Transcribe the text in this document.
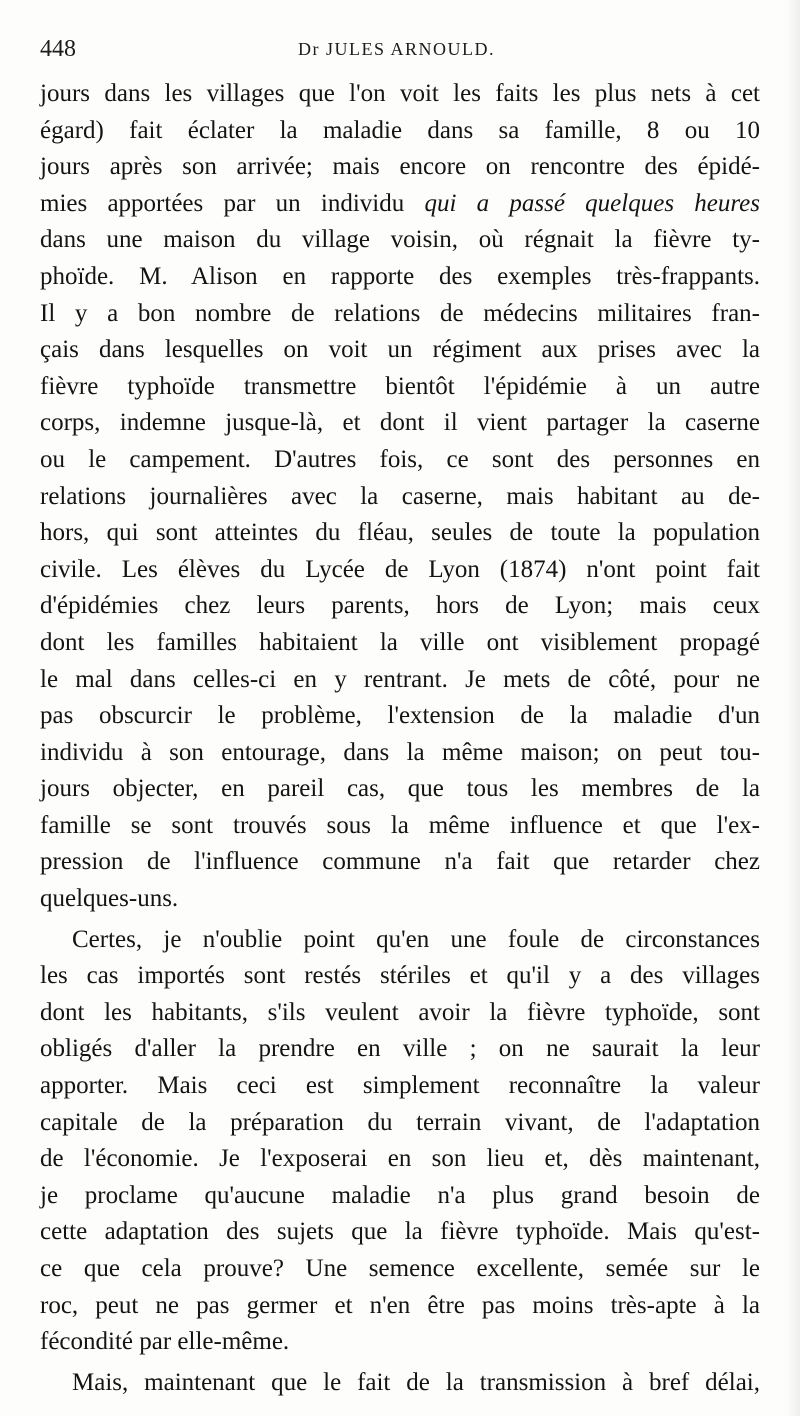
448	Dr JULES ARNOULD.
jours dans les villages que l'on voit les faits les plus nets à cet
égard) fait éclater la maladie dans sa famille, 8 ou 10
jours après son arrivée; mais encore on rencontre des épidé-
mies apportées par un individu qui a passé quelques heures
dans une maison du village voisin, où régnait la fièvre ty-
phoïde. M. Alison en rapporte des exemples très-frappants.
Il y a bon nombre de relations de médecins militaires fran-
çais dans lesquelles on voit un régiment aux prises avec la
fièvre typhoïde transmettre bientôt l'épidémie à un autre
corps, indemne jusque-là, et dont il vient partager la caserne
ou le campement. D'autres fois, ce sont des personnes en
relations journalières avec la caserne, mais habitant au de-
hors, qui sont atteintes du fléau, seules de toute la population
civile. Les élèves du Lycée de Lyon (1874) n'ont point fait
d'épidémies chez leurs parents, hors de Lyon; mais ceux
dont les familles habitaient la ville ont visiblement propagé
le mal dans celles-ci en y rentrant. Je mets de côté, pour ne
pas obscurcir le problème, l'extension de la maladie d'un
individu à son entourage, dans la même maison; on peut tou-
jours objecter, en pareil cas, que tous les membres de la
famille se sont trouvés sous la même influence et que l'ex-
pression de l'influence commune n'a fait que retarder chez
quelques-uns.
Certes, je n'oublie point qu'en une foule de circonstances
les cas importés sont restés stériles et qu'il y a des villages
dont les habitants, s'ils veulent avoir la fièvre typhoïde, sont
obligés d'aller la prendre en ville ; on ne saurait la leur
apporter. Mais ceci est simplement reconnaître la valeur
capitale de la préparation du terrain vivant, de l'adaptation
de l'économie. Je l'exposerai en son lieu et, dès maintenant,
je proclame qu'aucune maladie n'a plus grand besoin de
cette adaptation des sujets que la fièvre typhoïde. Mais qu'est-
ce que cela prouve? Une semence excellente, semée sur le
roc, peut ne pas germer et n'en être pas moins très-apte à la
fécondité par elle-même.
Mais, maintenant que le fait de la transmission à bref délai,
